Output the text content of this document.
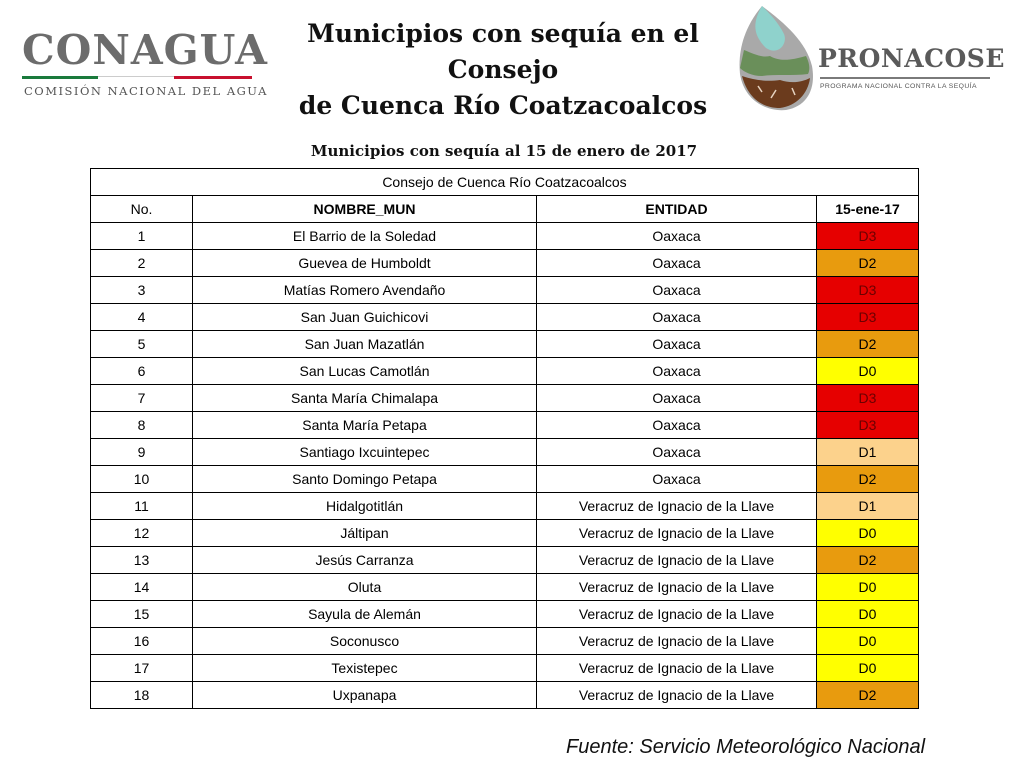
CONAGUA
COMISIÓN NACIONAL DEL AGUA
Municipios con sequía en el Consejo
de Cuenca Río Coatzacoalcos
PRONACOSE
PROGRAMA NACIONAL CONTRA LA SEQUÍA
Municipios con sequía al 15 de enero de 2017
Consejo de Cuenca Río Coatzacoalcos			
No.	NOMBRE_MUN	ENTIDAD	15-ene-17
1	El Barrio de la Soledad	Oaxaca	D3
2	Guevea de Humboldt	Oaxaca	D2
3	Matías Romero Avendaño	Oaxaca	D3
4	San Juan Guichicovi	Oaxaca	D3
5	San Juan Mazatlán	Oaxaca	D2
6	San Lucas Camotlán	Oaxaca	D0
7	Santa María Chimalapa	Oaxaca	D3
8	Santa María Petapa	Oaxaca	D3
9	Santiago Ixcuintepec	Oaxaca	D1
10	Santo Domingo Petapa	Oaxaca	D2
11	Hidalgotitlán	Veracruz de Ignacio de la Llave	D1
12	Jáltipan	Veracruz de Ignacio de la Llave	D0
13	Jesús Carranza	Veracruz de Ignacio de la Llave	D2
14	Oluta	Veracruz de Ignacio de la Llave	D0
15	Sayula de Alemán	Veracruz de Ignacio de la Llave	D0
16	Soconusco	Veracruz de Ignacio de la Llave	D0
17	Texistepec	Veracruz de Ignacio de la Llave	D0
18	Uxpanapa	Veracruz de Ignacio de la Llave	D2
Fuente: Servicio Meteorológico Nacional
